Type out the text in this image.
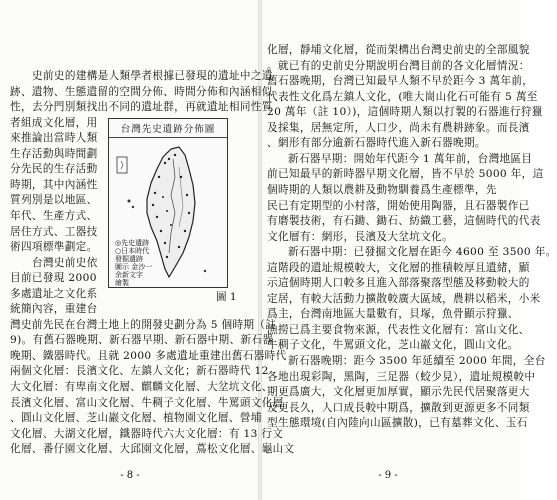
史前史的建構是人類學者根據已發現的遺址中之遺
跡、遺物、生態遺留的空間分佈、時間分佈和內涵相似
性，去分門別類找出不同的遺址群，再就遺址相同性質
者組成文化層，用
來推論出當時人類
生存活動與時間劃
分先民的生存活動
時期，其中內涵性
質列別是以地區、
年代、生產方式、
居住方式、工器技
術四項標準劃定。
台灣史前史依
目前已發現 2000
多處遺址之文化系
統簡內容，重建台
灣史前先民在台灣土地上的開發史劃分為 5 個時期（註
9)。有舊石器晚期、新石器早期、新石器中期、新石器
晚期、鐵器時代。且就 2000 多處遺址重建出舊石器時代
兩個文化層：長濱文化、左鎮人文化；新石器時代 12
大文化層：有卑南文化層、麒麟文化層、大坌坑文化、
長濱文化層、富山文化層、牛稠子文化層、牛罵頭文化層
、圓山文化層、芝山巖文化層、植物園文化層、營埔
文化層、大湖文化層，鐵器時代六大文化層：有 13 行文
化層、番仔園文化層、大邱園文化層，蔦松文化層、龜山文
台灣先史遺跡分佈圖
◎先史遺跡
○日本時代
發掘遺跡
圖示 金沙一
余新文字
繪製
圖 1
化層，靜埔文化層，從而架構出台灣史前史的全部風貌
。就已有的史前史分期說明台灣目前的各文化層情況：
舊石器晚期，台灣已知最早人類不早於距今 3 萬年前，
代表性文化爲左鎮人文化，(唯大崗山化石可能有 5 萬至
20 萬年（註 10）)，這個時期人類以打製的石器進行狩獵
及採集，居無定所，人口少，尚未有農耕跡象。而長濱
、網形有部分逾新石器時代進入新石器晚期。
新石器早期：開始年代距今 1 萬年前，台灣地區目
前已知最早的新時器早期文化層，皆不早於 5000 年，這
個時期的人類以農耕及動物馴養爲生產標準，先
民已有定期型的小村落，開始使用陶器，且石器製作已
有磨製技術，有石鋤、鋤石、紡織工藝，這個時代的代表
文化層有：網形，長濱及大坌坑文化。
新石器中期：已發掘文化層在距今 4600 至 3500 年。
這階段的遺址規模較大，文化層的推積較厚且遺緒，顯
示這個時期人口較多且進入部落聚落型態及移動較大的
定居，有較大活動力擴散較廣大區域，農耕以稻米，小米
爲主，台灣南地區大量數有，貝塚，魚骨顯示狩獵、
漁撈已爲主要食物來源，代表性文化層有：富山文化、
牛稠子文化，牛罵頭文化，芝山巖文化，圓山文化。
新石器晚期：距今 3500 年延續至 2000 年間，全台
各地出現彩陶，黑陶，三足器（蛟少見），遺址規模較中
期更爲廣大，文化層更加厚實，顯示先民代居聚落更大
及更長久，人口成長較中期爲，擴散到更源更多不同類
型生態環境(自內陸向山區擴散)，已有墓葬文化、玉石
- 8 -	- 9 -
